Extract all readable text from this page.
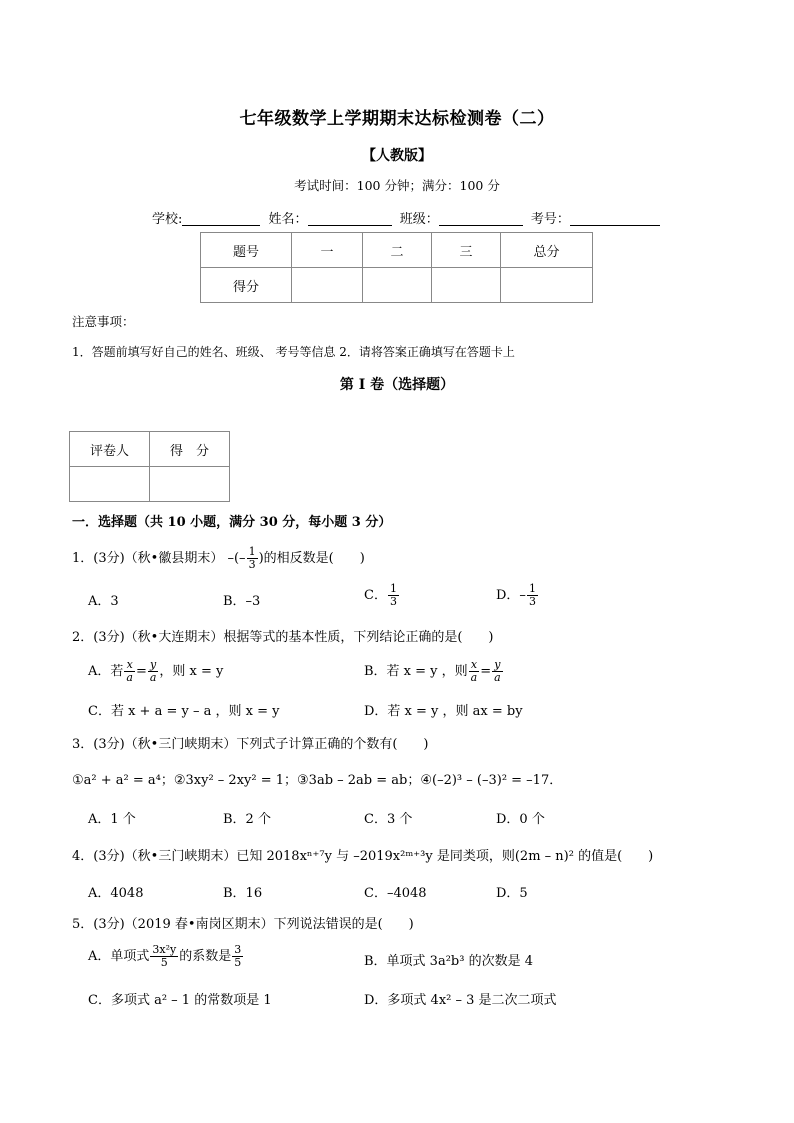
七年级数学上学期期末达标检测卷（二）
【人教版】
考试时间：100 分钟；满分：100 分
学校:	姓名：	班级：	考号：
题号	一	二	三	总分
得分				
注意事项：
1．答题前填写好自己的姓名、班级、 考号等信息 2．请将答案正确填写在答题卡上
第 I 卷（选择题）
评卷人	得　分

一．选择题（共 10 小题，满分 30 分，每小题 3 分）
1．(3分)（秋•徽县期末） –(– $\frac{1}{3}$ )的相反数是(　　)
A．3	B．–3	C． $\frac{1}{3}$	D．– $\frac{1}{3}$
2．(3分)（秋•大连期末）根据等式的基本性质，下列结论正确的是(　　)
A．若 $\frac{x}{a} = \frac{y}{a}$ ，则 x = y	B．若 x = y ，则 $\frac{x}{a} = \frac{y}{a}$
C．若 x + a = y – a ，则 x = y	D．若 x = y ，则 ax = by
3．(3分)（秋•三门峡期末）下列式子计算正确的个数有(　　)
①a² + a² = a⁴；②3xy² – 2xy² = 1；③3ab – 2ab = ab；④(–2)³ – (–3)² = –17．
A．1 个	B．2 个	C．3 个	D．0 个
4．(3分)（秋•三门峡期末）已知 2018xⁿ⁺⁷y 与 –2019x²ᵐ⁺³y 是同类项，则(2m – n)² 的值是(　　)
A．4048	B．16	C．–4048	D．5
5．(3分)（2019 春•南岗区期末）下列说法错误的是(　　)
A．单项式 $\frac{\text{3x²y}}{5}$ 的系数是 $\frac{3}{5}$	B．单项式 3a²b³ 的次数是 4
C．多项式 a² – 1 的常数项是 1	D．多项式 4x² – 3 是二次二项式
